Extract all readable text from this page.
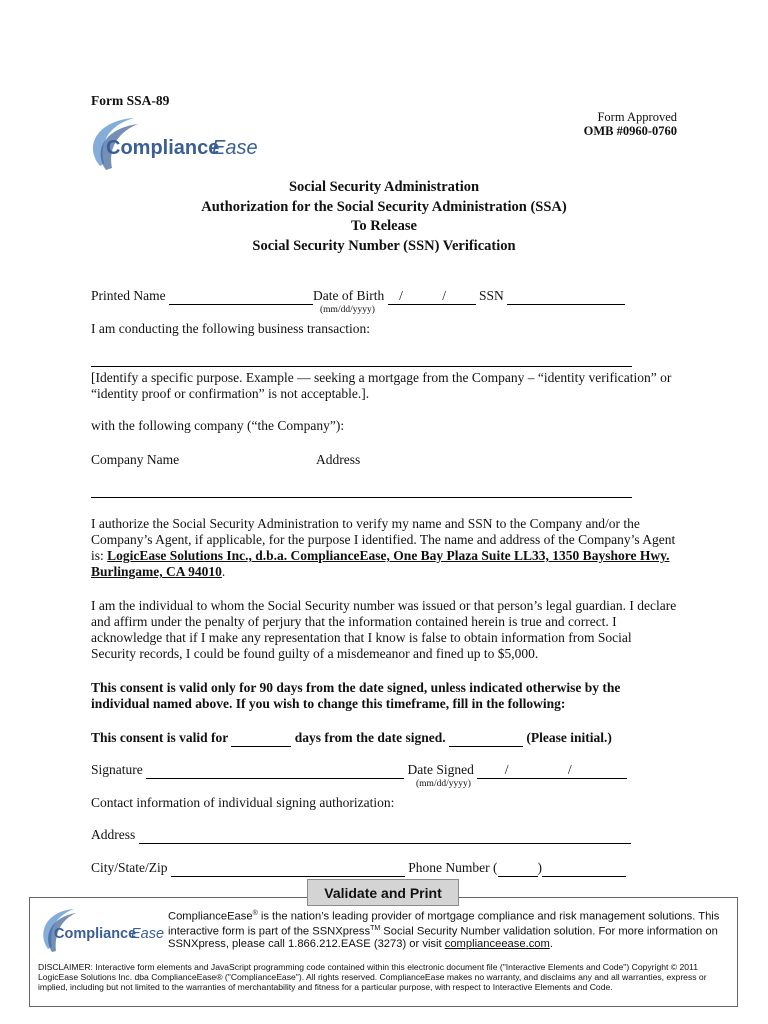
Form SSA-89
Compliance
Ease
Form Approved
OMB #0960-0760
Social Security Administration
Authorization for the Social Security Administration (SSA)
To Release
Social Security Number (SSN) Verification
Printed Name	Date of Birth / / SSN
(mm/dd/yyyy)
I am conducting the following business transaction:
[Identify a specific purpose. Example — seeking a mortgage from the Company – “identity verification” or “identity proof or confirmation” is not acceptable.].
with the following company (“the Company”):
Company Name	Address
I authorize the Social Security Administration to verify my name and SSN to the Company and/or the Company’s Agent, if applicable, for the purpose I identified. The name and address of the Company’s Agent is: LogicEase Solutions Inc., d.b.a. ComplianceEase, One Bay Plaza Suite LL33, 1350 Bayshore Hwy. Burlingame, CA 94010.
I am the individual to whom the Social Security number was issued or that person’s legal guardian. I declare and affirm under the penalty of perjury that the information contained herein is true and correct. I acknowledge that if I make any representation that I know is false to obtain information from Social Security records, I could be found guilty of a misdemeanor and fined up to $5,000.
This consent is valid only for 90 days from the date signed, unless indicated otherwise by the individual named above. If you wish to change this timeframe, fill in the following:
This consent is valid for	days from the date signed.	(Please initial.)
Signature	Date Signed / /
(mm/dd/yyyy)
Contact information of individual signing authorization:
Address
City/State/Zip	Phone Number (	)
Validate and Print
Compliance
Ease
ComplianceEase® is the nation’s leading provider of mortgage compliance and risk management solutions. This interactive form is part of the SSNXpress™ Social Security Number validation solution. For more information on SSNXpress, please call 1.866.212.EASE (3273) or visit complianceease.com.
DISCLAIMER: Interactive form elements and JavaScript programming code contained within this electronic document file ("Interactive Elements and Code") Copyright © 2011 LogicEase Solutions Inc. dba ComplianceEase® ("ComplianceEase"). All rights reserved. ComplianceEase makes no warranty, and disclaims any and all warranties, express or implied, including but not limited to the warranties of merchantability and fitness for a particular purpose, with respect to Interactive Elements and Code.
